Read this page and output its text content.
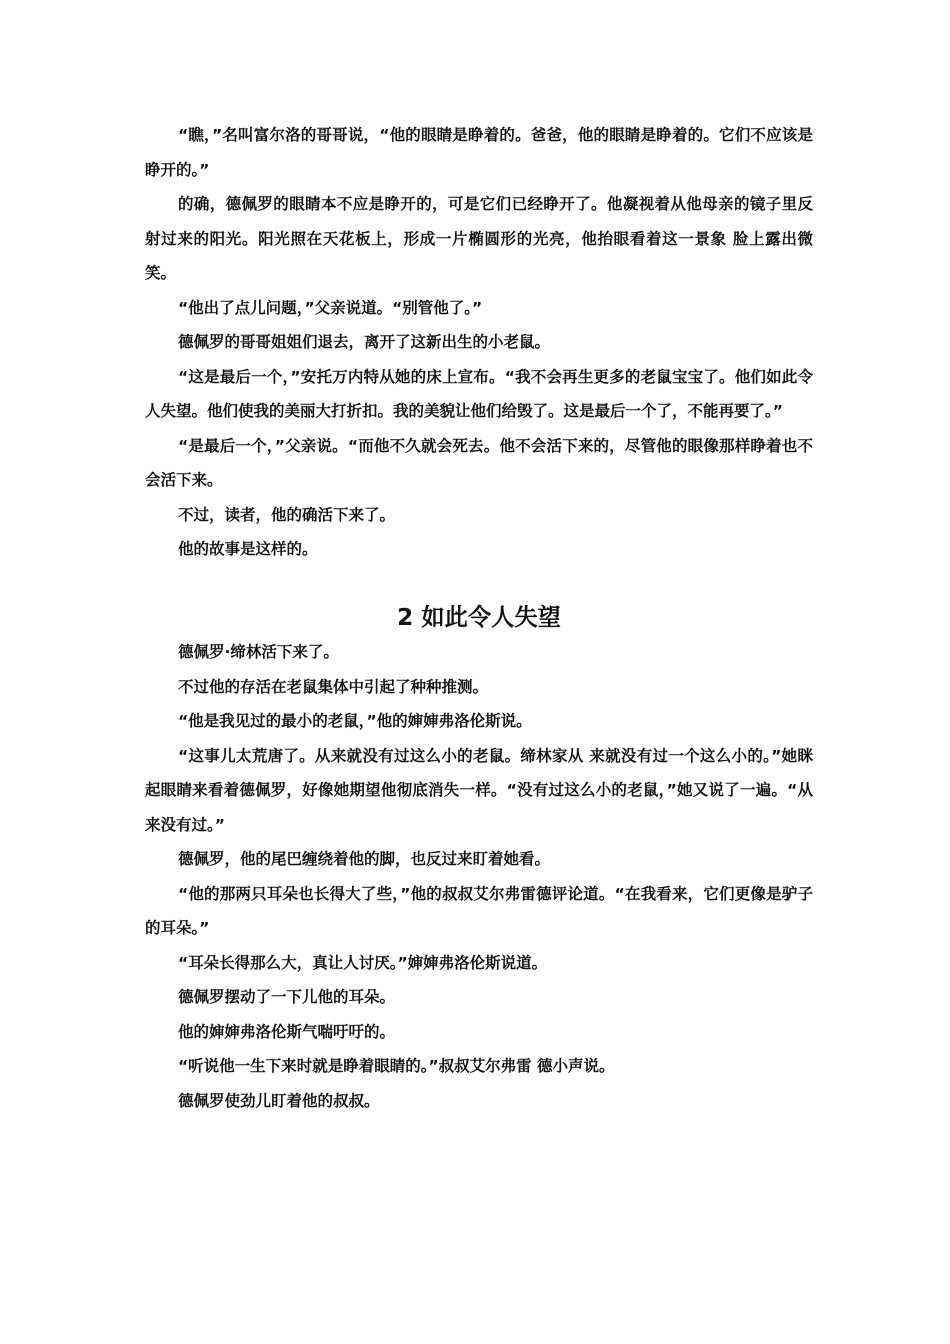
“瞧，”名叫富尔洛的哥哥说，“他的眼睛是睁着的。爸爸，他的眼睛是睁着的。它们不应该是睁开的。”

的确，德佩罗的眼睛本不应是睁开的，可是它们已经睁开了。他凝视着从他母亲的镜子里反射过来的阳光。阳光照在天花板上，形成一片椭圆形的光亮，他抬眼看着这一景象 脸上露出微笑。

“他出了点儿问题，”父亲说道。“别管他了。”

德佩罗的哥哥姐姐们退去，离开了这新出生的小老鼠。

“这是最后一个，”安托万内特从她的床上宣布。“我不会再生更多的老鼠宝宝了。他们如此令人失望。他们使我的美丽大打折扣。我的美貌让他们给毁了。这是最后一个了，不能再要了。”

“是最后一个，”父亲说。“而他不久就会死去。他不会活下来的，尽管他的眼像那样睁着也不会活下来。

不过，读者，他的确活下来了。

他的故事是这样的。

2 如此令人失望

德佩罗·缔林活下来了。

不过他的存活在老鼠集体中引起了种种推测。

“他是我见过的最小的老鼠，”他的婶婶弗洛伦斯说。

“这事儿太荒唐了。从来就没有过这么小的老鼠。缔林家从 来就没有过一个这么小的。”她眯起眼睛来看着德佩罗，好像她期望他彻底消失一样。“没有过这么小的老鼠，”她又说了一遍。“从来没有过。”

德佩罗，他的尾巴缠绕着他的脚，也反过来盯着她看。

“他的那两只耳朵也长得大了些，”他的叔叔艾尔弗雷德评论道。“在我看来，它们更像是驴子的耳朵。”

“耳朵长得那么大，真让人讨厌。”婶婶弗洛伦斯说道。

德佩罗摆动了一下儿他的耳朵。

他的婶婶弗洛伦斯气喘吁吁的。

“听说他一生下来时就是睁着眼睛的。”叔叔艾尔弗雷 德小声说。

德佩罗使劲儿盯着他的叔叔。
